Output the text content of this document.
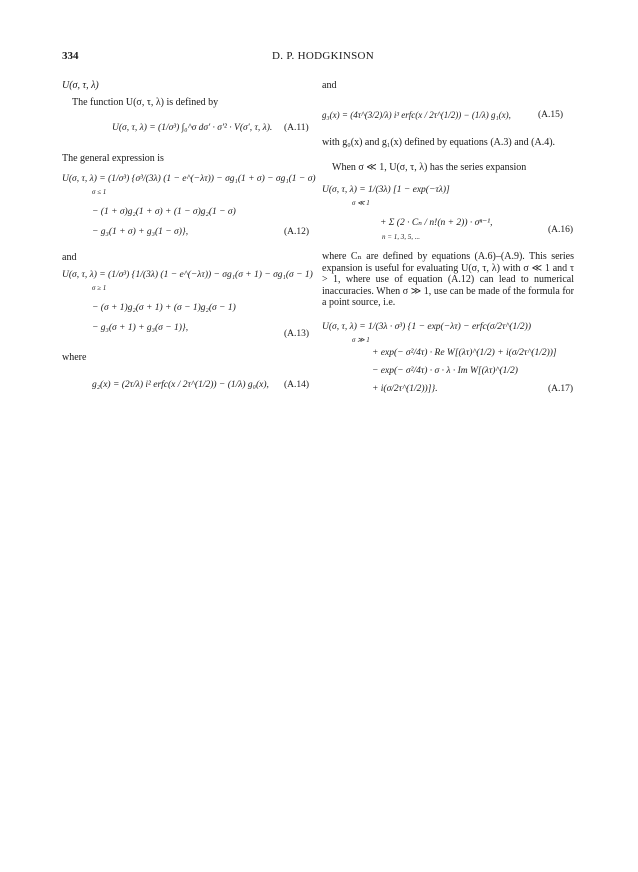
334	D. P. HODGKINSON
U(σ, τ, λ)
The function U(σ, τ, λ) is defined by
U(σ, τ, λ) = (1/σ³) ∫₀^σ dσ′ · σ′² · V(σ′, τ, λ). (A.11)
The general expression is
U(σ, τ, λ) = (1/σ³) {σ³/(3λ) (1 − e^(−λτ)) − σg₁(1 + σ) − σg₁(1 − σ)
σ ≤ 1
− (1 + σ)g₂(1 + σ) + (1 − σ)g₂(1 − σ)
− g₃(1 + σ) + g₃(1 − σ)},	(A.12)
and
U(σ, τ, λ) = (1/σ³) {1/(3λ) (1 − e^(−λτ)) − σg₁(σ + 1) − σg₁(σ − 1)
σ ≥ 1
− (σ + 1)g₂(σ + 1) + (σ − 1)g₂(σ − 1)
− g₃(σ + 1) + g₃(σ − 1)},
(A.13)
where
g₂(x) = (2τ/λ) i² erfc(x / 2τ^(1/2)) − (1/λ) g₀(x), (A.14)
and
g₃(x) = (4τ^(3/2)/λ) i³ erfc(x / 2τ^(1/2)) − (1/λ) g₁(x),	(A.15)
with g₀(x) and g₁(x) defined by equations (A.3) and (A.4).
When σ ≪ 1, U(σ, τ, λ) has the series expansion
U(σ, τ, λ) = 1/(3λ) [1 − exp(−τλ)]
σ ≪ 1
+ Σ (2 · Cₙ / n!(n + 2)) · σⁿ⁻¹,
n = 1, 3, 5, ...
(A.16)
where Cₙ are defined by equations (A.6)–(A.9). This series expansion is useful for evaluating U(σ, τ, λ) with σ ≪ 1 and τ > 1, where use of equation (A.12) can lead to numerical inaccuracies. When σ ≫ 1, use can be made of the formula for a point source, i.e.
U(σ, τ, λ) = 1/(3λ · σ³) {1 − exp(−λτ) − erfc(σ/2τ^(1/2))
σ ≫ 1
+ exp(− σ²/4τ) · Re W[(λτ)^(1/2) + i(σ/2τ^(1/2))]
− exp(− σ²/4τ) · σ · λ · Im W[(λτ)^(1/2)
+ i(σ/2τ^(1/2))]}.	(A.17)
